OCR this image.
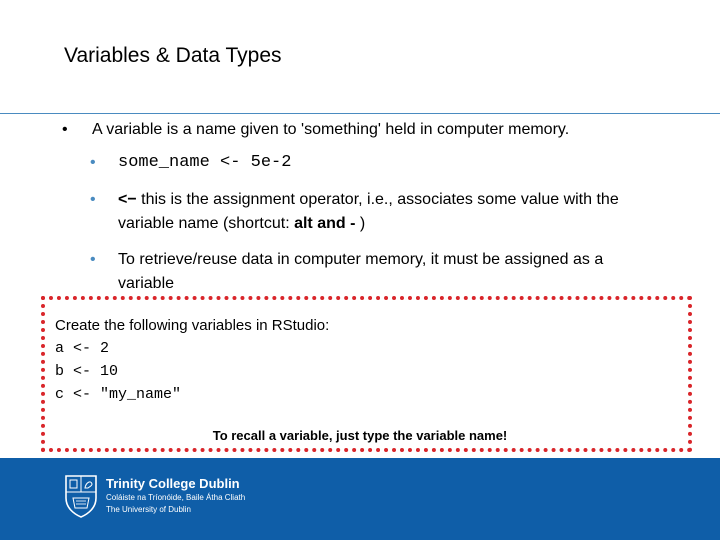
Variables & Data Types
• A variable is a name given to 'something' held in computer memory.
• some_name <- 5e-2
• <− this is the assignment operator, i.e., associates some value with the variable name (shortcut: alt and - )
• To retrieve/reuse data in computer memory, it must be assigned as a variable
Create the following variables in RStudio:
a <- 2
b <- 10
c <- "my_name"
To recall a variable, just type the variable name!
Trinity College Dublin
Coláiste na Tríonóide, Baile Átha Cliath
The University of Dublin
